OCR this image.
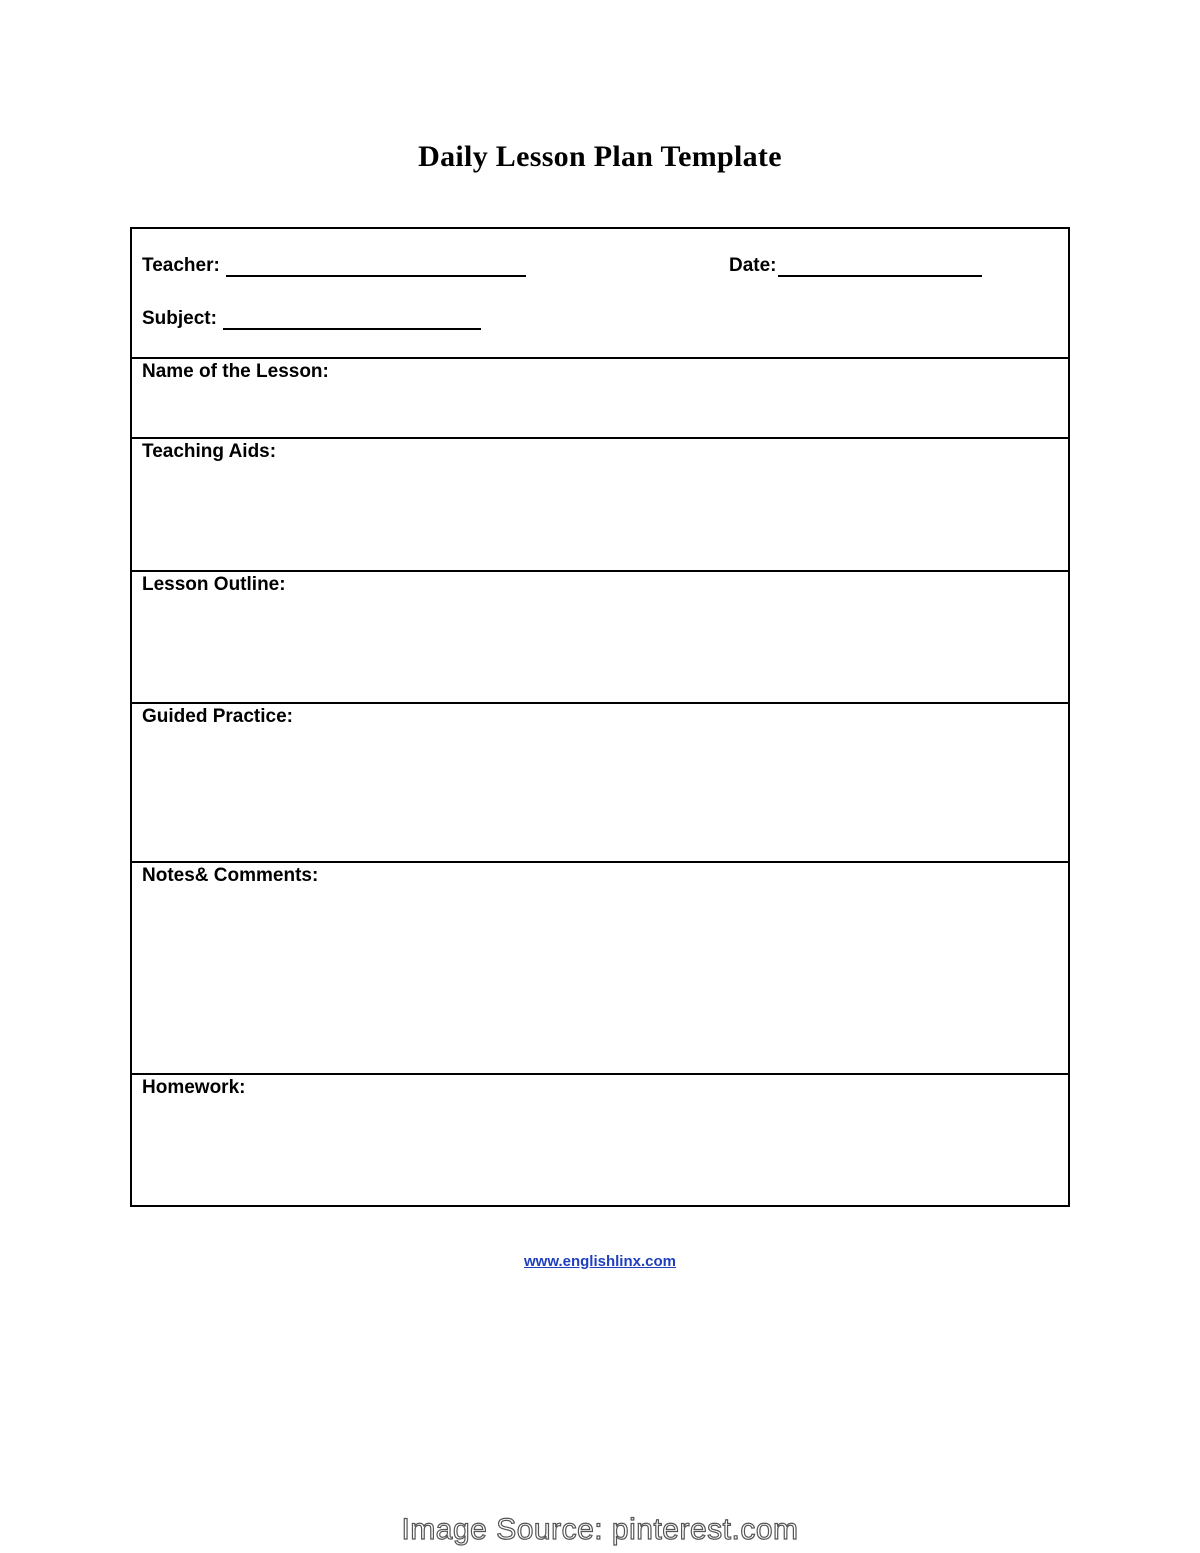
Daily Lesson Plan Template
Teacher:	Date:
Subject:
Name of the Lesson:
Teaching Aids:
Lesson Outline:
Guided Practice:
Notes& Comments:
Homework:
www.englishlinx.com
Image Source: pinterest.com
